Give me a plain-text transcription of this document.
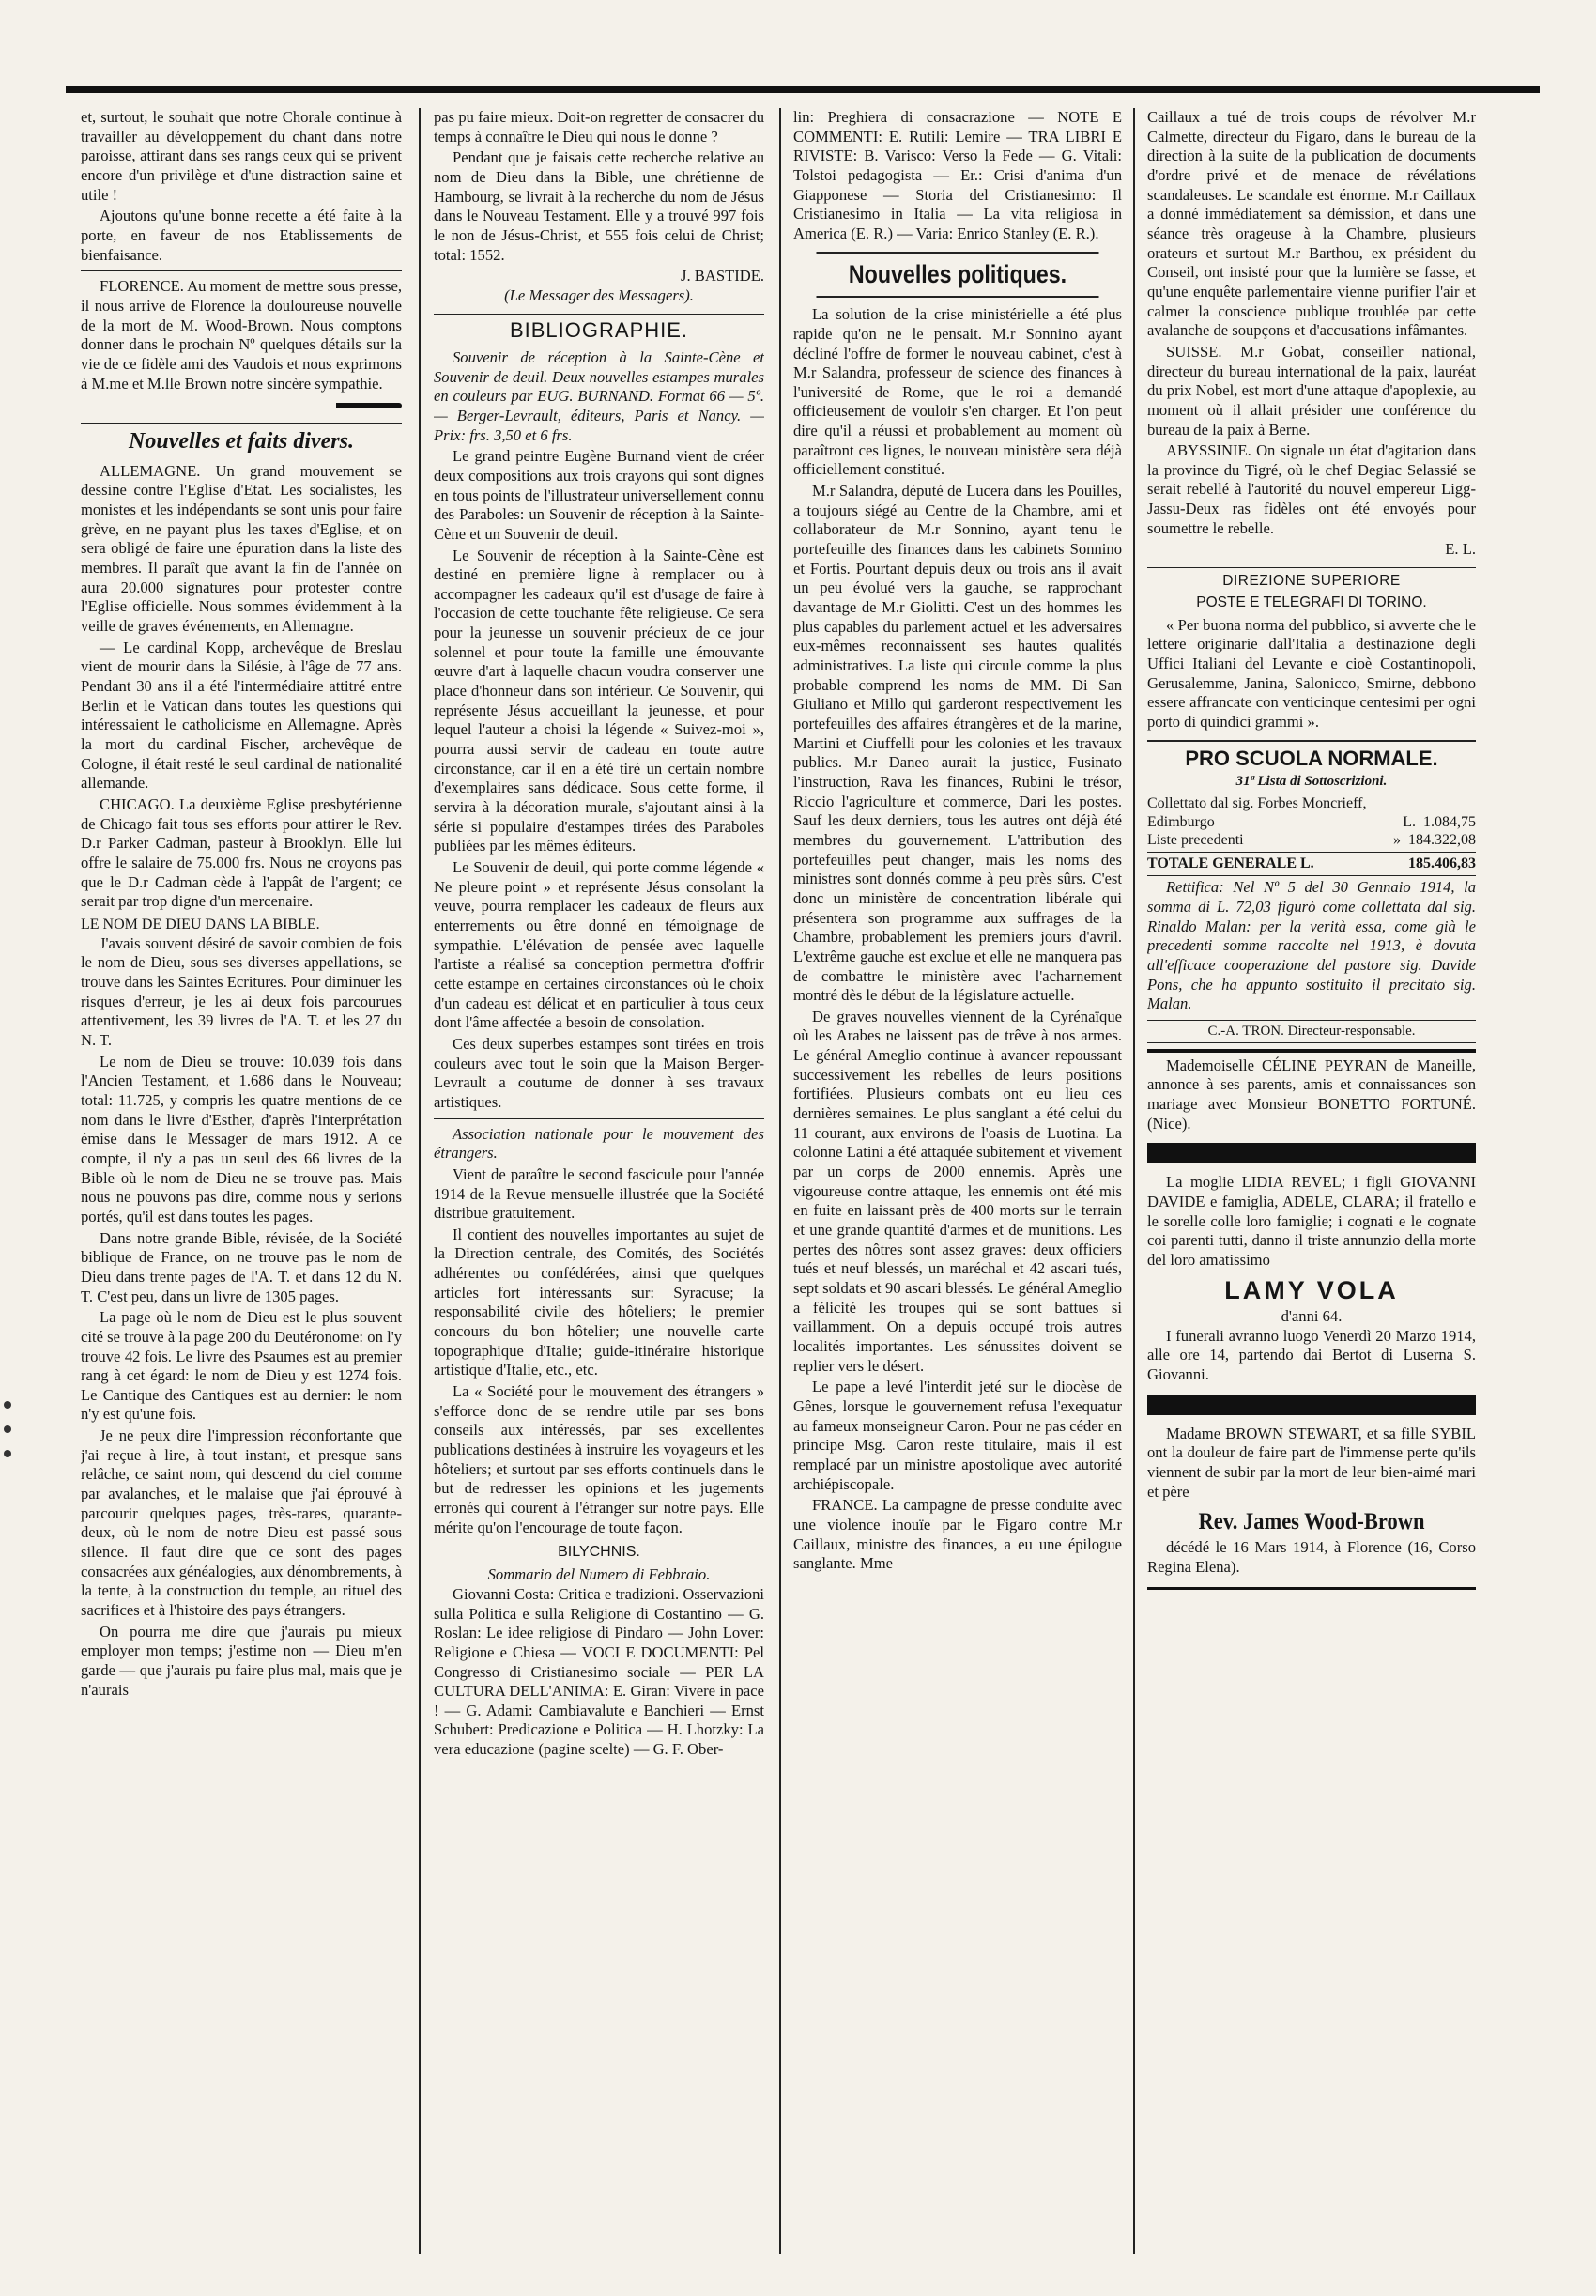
et, surtout, le souhait que notre Chorale continue à travailler au développement du chant dans notre paroisse, attirant dans ses rangs ceux qui se privent encore d'un privilège et d'une distraction saine et utile !

Ajoutons qu'une bonne recette a été faite à la porte, en faveur de nos Etablissements de bienfaisance.

FLORENCE. Au moment de mettre sous presse, il nous arrive de Florence la douloureuse nouvelle de la mort de M. Wood-Brown. Nous comptons donner dans le prochain Nº quelques détails sur la vie de ce fidèle ami des Vaudois et nous exprimons à M.me et M.lle Brown notre sincère sympathie.

Nouvelles et faits divers.

ALLEMAGNE. Un grand mouvement se dessine contre l'Eglise d'Etat. Les socialistes, les monistes et les indépendants se sont unis pour faire grève, en ne payant plus les taxes d'Eglise, et on sera obligé de faire une épuration dans la liste des membres. Il paraît que avant la fin de l'année on aura 20.000 signatures pour protester contre l'Eglise officielle. Nous sommes évidemment à la veille de graves événements, en Allemagne.

— Le cardinal Kopp, archevêque de Breslau vient de mourir dans la Silésie, à l'âge de 77 ans. Pendant 30 ans il a été l'intermédiaire attitré entre Berlin et le Vatican dans toutes les questions qui intéressaient le catholicisme en Allemagne. Après la mort du cardinal Fischer, archevêque de Cologne, il était resté le seul cardinal de nationalité allemande.

CHICAGO. La deuxième Eglise presbytérienne de Chicago fait tous ses efforts pour attirer le Rev. D.r Parker Cadman, pasteur à Brooklyn. Elle lui offre le salaire de 75.000 frs. Nous ne croyons pas que le D.r Cadman cède à l'appât de l'argent; ce serait par trop digne d'un mercenaire.

LE NOM DE DIEU DANS LA BIBLE.

J'avais souvent désiré de savoir combien de fois le nom de Dieu, sous ses diverses appellations, se trouve dans les Saintes Ecritures. Pour diminuer les risques d'erreur, je les ai deux fois parcourues attentivement, les 39 livres de l'A. T. et les 27 du N. T.

Le nom de Dieu se trouve: 10.039 fois dans l'Ancien Testament, et 1.686 dans le Nouveau; total: 11.725, y compris les quatre mentions de ce nom dans le livre d'Esther, d'après l'interprétation émise dans le Messager de mars 1912. A ce compte, il n'y a pas un seul des 66 livres de la Bible où le nom de Dieu ne se trouve pas. Mais nous ne pouvons pas dire, comme nous y serions portés, qu'il est dans toutes les pages.

Dans notre grande Bible, révisée, de la Société biblique de France, on ne trouve pas le nom de Dieu dans trente pages de l'A. T. et dans 12 du N. T. C'est peu, dans un livre de 1305 pages.

La page où le nom de Dieu est le plus souvent cité se trouve à la page 200 du Deutéronome: on l'y trouve 42 fois. Le livre des Psaumes est au premier rang à cet égard: le nom de Dieu y est 1274 fois. Le Cantique des Cantiques est au dernier: le nom n'y est qu'une fois.

Je ne peux dire l'impression réconfortante que j'ai reçue à lire, à tout instant, et presque sans relâche, ce saint nom, qui descend du ciel comme par avalanches, et le malaise que j'ai éprouvé à parcourir quelques pages, très-rares, quarante-deux, où le nom de notre Dieu est passé sous silence. Il faut dire que ce sont des pages consacrées aux généalogies, aux dénombrements, à la tente, à la construction du temple, au rituel des sacrifices et à l'histoire des pays étrangers.

On pourra me dire que j'aurais pu mieux employer mon temps; j'estime non — Dieu m'en garde — que j'aurais pu faire plus mal, mais que je n'aurais

pas pu faire mieux. Doit-on regretter de consacrer du temps à connaître le Dieu qui nous le donne ?

Pendant que je faisais cette recherche relative au nom de Dieu dans la Bible, une chrétienne de Hambourg, se livrait à la recherche du nom de Jésus dans le Nouveau Testament. Elle y a trouvé 997 fois le non de Jésus-Christ, et 555 fois celui de Christ; total: 1552.

J. BASTIDE.
(Le Messager des Messagers).
BIBLIOGRAPHIE.

Souvenir de réception à la Sainte-Cène et Souvenir de deuil. Deux nouvelles estampes murales en couleurs par EUG. BURNAND. Format 66 — 5º. — Berger-Levrault, éditeurs, Paris et Nancy. — Prix: frs. 3,50 et 6 frs.

Le grand peintre Eugène Burnand vient de créer deux compositions aux trois crayons qui sont dignes en tous points de l'illustrateur universellement connu des Paraboles: un Souvenir de réception à la Sainte-Cène et un Souvenir de deuil.

Le Souvenir de réception à la Sainte-Cène est destiné en première ligne à remplacer ou à accompagner les cadeaux qu'il est d'usage de faire à l'occasion de cette touchante fête religieuse. Ce sera pour la jeunesse un souvenir précieux de ce jour solennel et pour toute la famille une émouvante œuvre d'art à laquelle chacun voudra conserver une place d'honneur dans son intérieur. Ce Souvenir, qui représente Jésus accueillant la jeunesse, et pour lequel l'auteur a choisi la légende « Suivez-moi », pourra aussi servir de cadeau en toute autre circonstance, car il en a été tiré un certain nombre d'exemplaires sans dédicace. Sous cette forme, il servira à la décoration murale, s'ajoutant ainsi à la série si populaire d'estampes tirées des Paraboles publiées par les mêmes éditeurs.

Le Souvenir de deuil, qui porte comme légende « Ne pleure point » et représente Jésus consolant la veuve, pourra remplacer les cadeaux de fleurs aux enterrements ou être donné en témoignage de sympathie. L'élévation de pensée avec laquelle l'artiste a réalisé sa conception permettra d'offrir cette estampe en certaines circonstances où le choix d'un cadeau est délicat et en particulier à tous ceux dont l'âme affectée a besoin de consolation.

Ces deux superbes estampes sont tirées en trois couleurs avec tout le soin que la Maison Berger-Levrault a coutume de donner à ses travaux artistiques.

Association nationale pour le mouvement des étrangers.

Vient de paraître le second fascicule pour l'année 1914 de la Revue mensuelle illustrée que la Société distribue gratuitement.

Il contient des nouvelles importantes au sujet de la Direction centrale, des Comités, des Sociétés adhérentes ou confédérées, ainsi que quelques articles fort intéressants sur: Syracuse; la responsabilité civile des hôteliers; le premier concours du bon hôtelier; une nouvelle carte topographique d'Italie; guide-itinéraire historique artistique d'Italie, etc., etc.

La « Société pour le mouvement des étrangers » s'efforce donc de se rendre utile par ses bons conseils aux intéressés, par ses excellentes publications destinées à instruire les voyageurs et les hôteliers; et surtout par ses efforts continuels dans le but de redresser les opinions et les jugements erronés qui courent à l'étranger sur notre pays. Elle mérite qu'on l'encourage de toute façon.

BILYCHNIS.
Sommario del Numero di Febbraio.

Giovanni Costa: Critica e tradizioni. Osservazioni sulla Politica e sulla Religione di Costantino — G. Roslan: Le idee religiose di Pindaro — John Lover: Religione e Chiesa — VOCI E DOCUMENTI: Pel Congresso di Cristianesimo sociale — PER LA CULTURA DELL'ANIMA: E. Giran: Vivere in pace ! — G. Adami: Cambiavalute e Banchieri — Ernst Schubert: Predicazione e Politica — H. Lhotzky: La vera educazione (pagine scelte) — G. F. Ober-

lin: Preghiera di consacrazione — NOTE E COMMENTI: E. Rutili: Lemire — TRA LIBRI E RIVISTE: B. Varisco: Verso la Fede — G. Vitali: Tolstoi pedagogista — Er.: Crisi d'anima d'un Giapponese — Storia del Cristianesimo: Il Cristianesimo in Italia — La vita religiosa in America (E. R.) — Varia: Enrico Stanley (E. R.).

Nouvelles politiques.

La solution de la crise ministérielle a été plus rapide qu'on ne le pensait. M.r Sonnino ayant décliné l'offre de former le nouveau cabinet, c'est à M.r Salandra, professeur de science des finances à l'université de Rome, que le roi a demandé officieusement de vouloir s'en charger. Et l'on peut dire qu'il a réussi et probablement au moment où paraîtront ces lignes, le nouveau ministère sera déjà officiellement constitué.

M.r Salandra, député de Lucera dans les Pouilles, a toujours siégé au Centre de la Chambre, ami et collaborateur de M.r Sonnino, ayant tenu le portefeuille des finances dans les cabinets Sonnino et Fortis. Pourtant depuis deux ou trois ans il avait un peu évolué vers la gauche, se rapprochant davantage de M.r Giolitti. C'est un des hommes les plus capables du parlement actuel et les adversaires eux-mêmes reconnaissent ses hautes qualités administratives. La liste qui circule comme la plus probable comprend les noms de MM. Di San Giuliano et Millo qui garderont respectivement les portefeuilles des affaires étrangères et de la marine, Martini et Ciuffelli pour les colonies et les travaux publics. M.r Daneo aurait la justice, Fusinato l'instruction, Rava les finances, Rubini le trésor, Riccio l'agriculture et commerce, Dari les postes. Sauf les deux derniers, tous les autres ont déjà été membres du gouvernement. L'attribution des portefeuilles peut changer, mais les noms des ministres sont donnés comme à peu près sûrs. C'est donc un ministère de concentration libérale qui présentera son programme aux suffrages de la Chambre, probablement les premiers jours d'avril. L'extrême gauche est exclue et elle ne manquera pas de combattre le ministère avec l'acharnement montré dès le début de la législature actuelle.

De graves nouvelles viennent de la Cyrénaïque où les Arabes ne laissent pas de trêve à nos armes. Le général Ameglio continue à avancer repoussant successivement les rebelles de leurs positions fortifiées. Plusieurs combats ont eu lieu ces dernières semaines. Le plus sanglant a été celui du 11 courant, aux environs de l'oasis de Luotina. La colonne Latini a été attaquée subitement et vivement par un corps de 2000 ennemis. Après une vigoureuse contre attaque, les ennemis ont été mis en fuite en laissant près de 400 morts sur le terrain et une grande quantité d'armes et de munitions. Les pertes des nôtres sont assez graves: deux officiers tués et neuf blessés, un maréchal et 42 ascari tués, sept soldats et 90 ascari blessés. Le général Ameglio a félicité les troupes qui se sont battues si vaillamment. On a depuis occupé trois autres localités importantes. Les sénussites doivent se replier vers le désert.

Le pape a levé l'interdit jeté sur le diocèse de Gênes, lorsque le gouvernement refusa l'exequatur au fameux monseigneur Caron. Pour ne pas céder en principe Msg. Caron reste titulaire, mais il est remplacé par un ministre apostolique avec autorité archiépiscopale.

FRANCE. La campagne de presse conduite avec une violence inouïe par le Figaro contre M.r Caillaux, ministre des finances, a eu une épilogue sanglante. Mme

Caillaux a tué de trois coups de révolver M.r Calmette, directeur du Figaro, dans le bureau de la direction à la suite de la publication de documents d'ordre privé et de menace de révélations scandaleuses. Le scandale est énorme. M.r Caillaux a donné immédiatement sa démission, et dans une séance très orageuse à la Chambre, plusieurs orateurs et surtout M.r Barthou, ex président du Conseil, ont insisté pour que la lumière se fasse, et qu'une enquête parlementaire vienne purifier l'air et calmer la conscience publique troublée par cette avalanche de soupçons et d'accusations infâmantes.

SUISSE. M.r Gobat, conseiller national, directeur du bureau international de la paix, lauréat du prix Nobel, est mort d'une attaque d'apoplexie, au moment où il allait présider une conférence du bureau de la paix à Berne.

ABYSSINIE. On signale un état d'agitation dans la province du Tigré, où le chef Degiac Selassié se serait rebellé à l'autorité du nouvel empereur Ligg-Jassu-Deux ras fidèles ont été envoyés pour soumettre le rebelle.

E. L.
DIREZIONE SUPERIORE
POSTE E TELEGRAFI DI TORINO.

« Per buona norma del pubblico, si avverte che le lettere originarie dall'Italia a destinazione degli Uffici Italiani del Levante e cioè Costantinopoli, Gerusalemme, Janina, Salonicco, Smirne, debbono essere affrancate con venticinque centesimi per ogni porto di quindici grammi ».

PRO SCUOLA NORMALE.
31ª Lista di Sottoscrizioni.
Collettato dal sig. Forbes Moncrieff,
Edimburgo	L. 1.084,75
Liste precedenti	» 184.322,08
TOTALE GENERALE L.	185.406,83

Rettifica: Nel Nº 5 del 30 Gennaio 1914, la somma di L. 72,03 figurò come collettata dal sig. Rinaldo Malan: per la verità essa, come già le precedenti somme raccolte nel 1913, è dovuta all'efficace cooperazione del pastore sig. Davide Pons, che ha appunto sostituito il precitato sig. Malan.

C.-A. TRON. Directeur-responsable.

Mademoiselle CÉLINE PEYRAN de Maneille, annonce à ses parents, amis et connaissances son mariage avec Monsieur BONETTO FORTUNÉ. (Nice).

La moglie LIDIA REVEL; i figli GIOVANNI DAVIDE e famiglia, ADELE, CLARA; il fratello e le sorelle colle loro famiglie; i cognati e le cognate coi parenti tutti, danno il triste annunzio della morte del loro amatissimo

LAMY VOLA
d'anni 64.

I funerali avranno luogo Venerdì 20 Marzo 1914, alle ore 14, partendo dai Bertot di Luserna S. Giovanni.

Madame BROWN STEWART, et sa fille SYBIL ont la douleur de faire part de l'immense perte qu'ils viennent de subir par la mort de leur bien-aimé mari et père

Rev. James Wood-Brown

décédé le 16 Mars 1914, à Florence (16, Corso Regina Elena).
